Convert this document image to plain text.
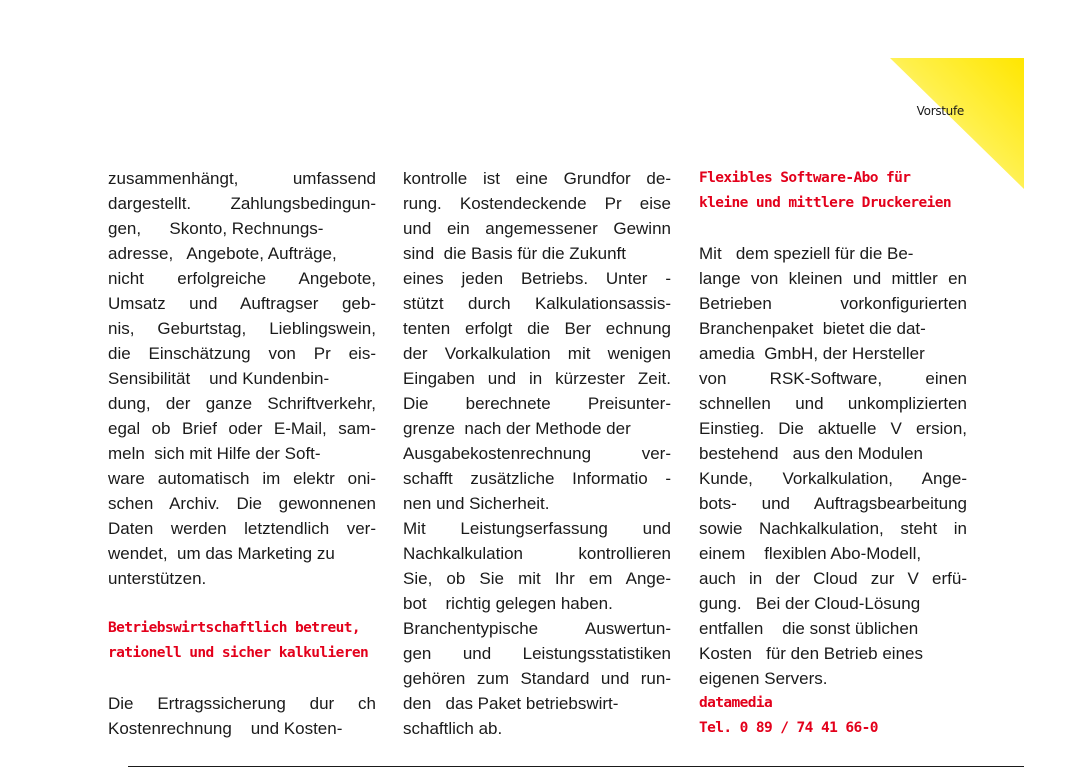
Vorstufe
zusammenhängt, umfassend
dargestellt. Zahlungsbedingun-
gen,      Skonto, Rechnungs-
adresse,   Angebote, Aufträge,
nicht erfolgreiche Angebote,
Umsatz und Auftragser geb-
nis, Geburtstag, Lieblingswein,
die Einschätzung von Pr eis-
Sensibilität    und Kundenbin-
dung, der ganze Schriftverkehr,
egal ob Brief oder E-Mail, sam-
meln  sich mit Hilfe der Soft-
ware automatisch im elektr oni-
schen Archiv. Die gewonnenen
Daten werden letztendlich ver-
wendet,  um das Marketing zu
unterstützen.
Betriebswirtschaftlich betreut,
rationell und sicher kalkulieren
Die Ertragssicherung dur ch
Kostenrechnung    und Kosten-
kontrolle ist eine Grundfor de-
rung. Kostendeckende Pr eise
und ein angemessener Gewinn
sind  die Basis für die Zukunft
eines jeden Betriebs. Unter -
stützt durch Kalkulationsassis-
tenten erfolgt die Ber echnung
der Vorkalkulation mit wenigen
Eingaben und in kürzester Zeit.
Die berechnete Preisunter-
grenze  nach der Methode der
Ausgabekostenrechnung ver-
schafft zusätzliche Informatio -
nen und Sicherheit.
Mit Leistungserfassung und
Nachkalkulation kontrollieren
Sie, ob Sie mit Ihr em Ange-
bot    richtig gelegen haben.
Branchentypische Auswertun-
gen und Leistungsstatistiken
gehören zum Standard und run-
den   das Paket betriebswirt-
schaftlich ab.
Flexibles Software-Abo für
kleine und mittlere Druckereien
Mit   dem speziell für die Be-
lange von kleinen und mittler en
Betrieben vorkonfigurierten
Branchenpaket  bietet die dat-
amedia  GmbH, der Hersteller
von RSK-Software, einen
schnellen und unkomplizierten
Einstieg. Die aktuelle V ersion,
bestehend   aus den Modulen
Kunde, Vorkalkulation, Ange-
bots- und Auftragsbearbeitung
sowie Nachkalkulation, steht in
einem    flexiblen Abo-Modell,
auch in der Cloud zur V erfü-
gung.   Bei der Cloud-Lösung
entfallen    die sonst üblichen
Kosten   für den Betrieb eines
eigenen Servers.
datamedia
Tel. 0 89 / 74 41 66-0
